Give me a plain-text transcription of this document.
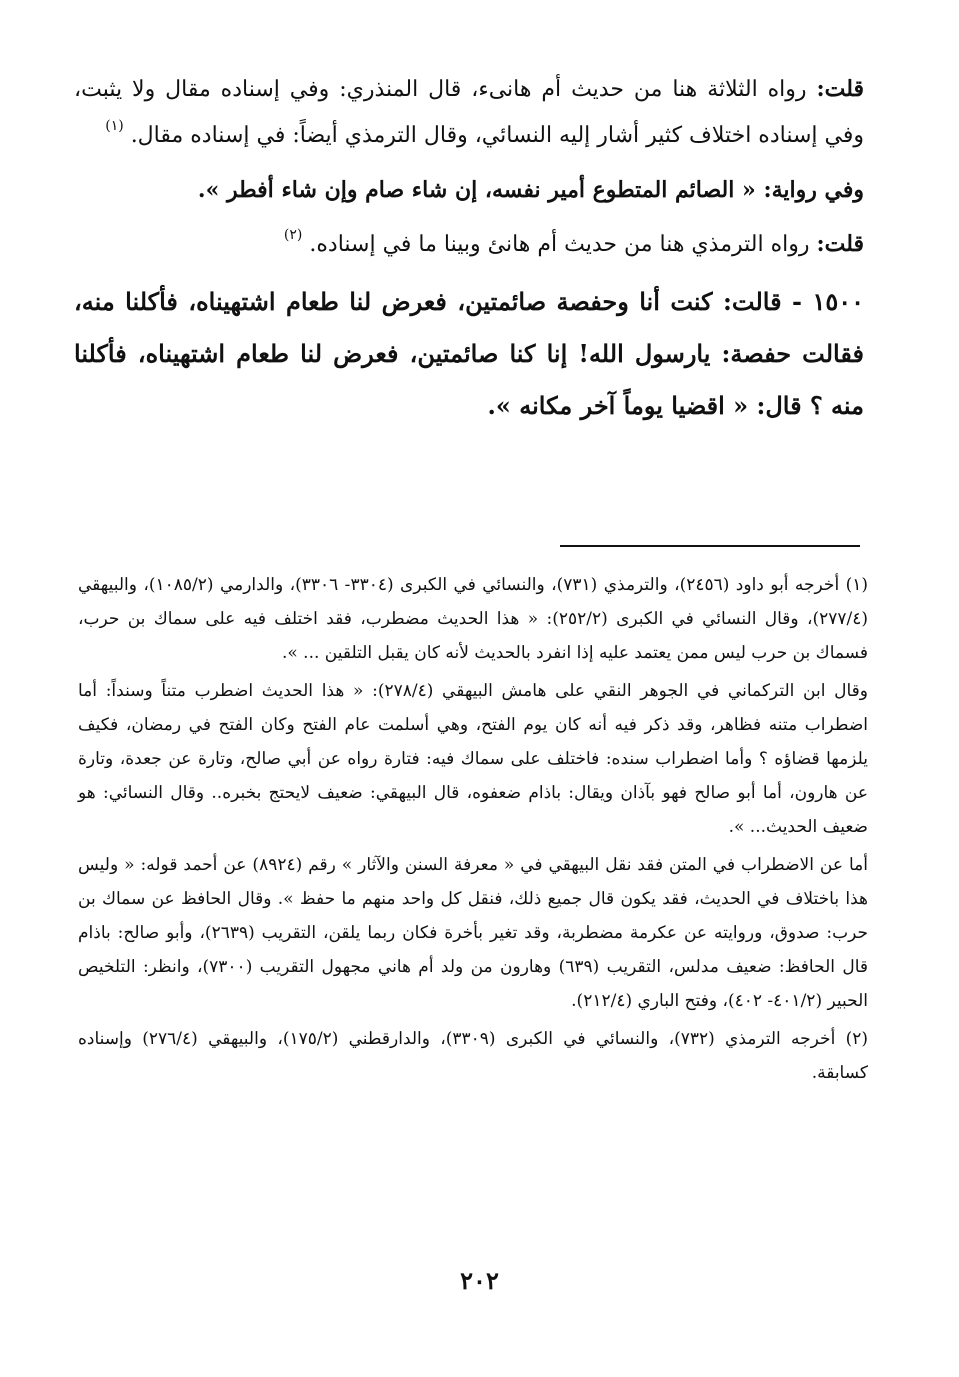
قلت: رواه الثلاثة هنا من حديث أم هانىء، قال المنذري: وفي إسناده مقال ولا يثبت، وفي إسناده اختلاف كثير أشار إليه النسائي، وقال الترمذي أيضاً: في إسناده مقال. $^{(١)}$

وفي رواية: « الصائم المتطوع أمير نفسه، إن شاء صام وإن شاء أفطر ».

قلت: رواه الترمذي هنا من حديث أم هانئ وبينا ما في إسناده. $^{(٢)}$

١٥٠٠ - قالت: كنت أنا وحفصة صائمتين، فعرض لنا طعام اشتهيناه، فأكلنا منه، فقالت حفصة: يارسول الله! إنا كنا صائمتين، فعرض لنا طعام اشتهيناه، فأكلنا منه ؟ قال: « اقضيا يوماً آخر مكانه ».

(١) أخرجه أبو داود (٢٤٥٦)، والترمذي (٧٣١)، والنسائي في الكبرى (٣٣٠٤- ٣٣٠٦)، والدارمي (١٠٨٥/٢)، والبيهقي (٢٧٧/٤)، وقال النسائي في الكبرى (٢٥٢/٢): « هذا الحديث مضطرب، فقد اختلف فيه على سماك بن حرب، فسماك بن حرب ليس ممن يعتمد عليه إذا انفرد بالحديث لأنه كان يقبل التلقين ... ».

وقال ابن التركماني في الجوهر النقي على هامش البيهقي (٢٧٨/٤): « هذا الحديث اضطرب متناً وسنداً: أما اضطراب متنه فظاهر، وقد ذكر فيه أنه كان يوم الفتح، وهي أسلمت عام الفتح وكان الفتح في رمضان، فكيف يلزمها قضاؤه ؟ وأما اضطراب سنده: فاختلف على سماك فيه: فتارة رواه عن أبي صالح، وتارة عن جعدة، وتارة عن هارون، أما أبو صالح فهو بآذان ويقال: باذام ضعفوه، قال البيهقي: ضعيف لايحتج بخبره.. وقال النسائي: هو ضعيف الحديث... ».

أما عن الاضطراب في المتن فقد نقل البيهقي في « معرفة السنن والآثار » رقم (٨٩٢٤) عن أحمد قوله: « وليس هذا باختلاف في الحديث، فقد يكون قال جميع ذلك، فنقل كل واحد منهم ما حفظ ». وقال الحافظ عن سماك بن حرب: صدوق، وروايته عن عكرمة مضطربة، وقد تغير بأخرة فكان ربما يلقن، التقريب (٢٦٣٩)، وأبو صالح: باذام قال الحافظ: ضعيف مدلس، التقريب (٦٣٩) وهارون من ولد أم هاني مجهول التقريب (٧٣٠٠)، وانظر: التلخيص الحبير (٤٠١/٢- ٤٠٢)، وفتح الباري (٢١٢/٤).

(٢) أخرجه الترمذي (٧٣٢)، والنسائي في الكبرى (٣٣٠٩)، والدارقطني (١٧٥/٢)، والبيهقي (٢٧٦/٤) وإسناده كسابقة.

٢٠٢
